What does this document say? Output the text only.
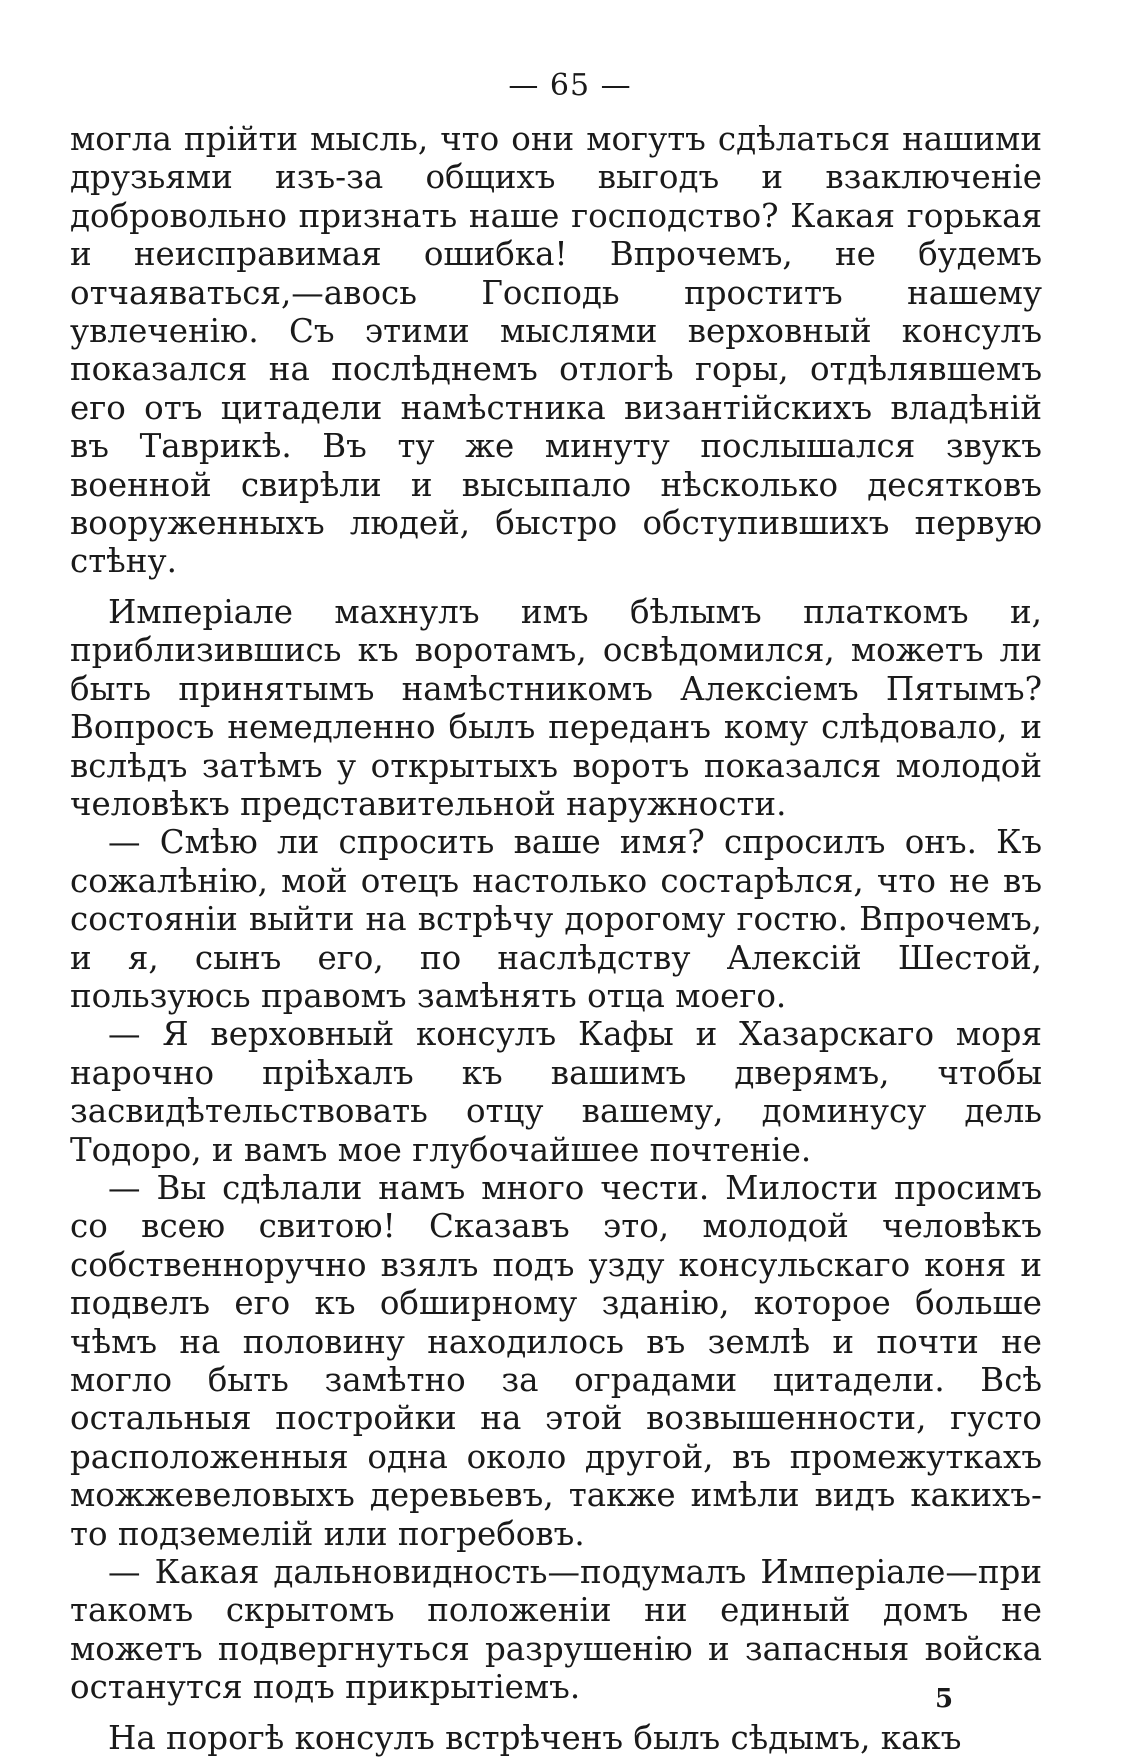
— 65 —

могла прійти мысль, что они могутъ сдѣлаться нашими друзьями изъ-за общихъ выгодъ и взаключеніе добровольно признать наше господство? Какая горькая и неисправимая ошибка! Впрочемъ, не будемъ отчаяваться,—авось Господь проститъ нашему увлеченію. Съ этими мыслями верховный консулъ показался на послѣднемъ отлогѣ горы, отдѣлявшемъ его отъ цитадели намѣстника византійскихъ владѣній въ Таврикѣ. Въ ту же минуту послышался звукъ военной свирѣли и высыпало нѣсколько десятковъ вооруженныхъ людей, быстро обступившихъ первую стѣну.

Имперіале махнулъ имъ бѣлымъ платкомъ и, приблизившись къ воротамъ, освѣдомился, можетъ ли быть принятымъ намѣстникомъ Алексіемъ Пятымъ? Вопросъ немедленно былъ переданъ кому слѣдовало, и вслѣдъ затѣмъ у открытыхъ воротъ показался молодой человѣкъ представительной наружности.

— Смѣю ли спросить ваше имя? спросилъ онъ. Къ сожалѣнію, мой отецъ настолько состарѣлся, что не въ состояніи выйти на встрѣчу дорогому гостю. Впрочемъ, и я, сынъ его, по наслѣдству Алексій Шестой, пользуюсь правомъ замѣнять отца моего.

— Я верховный консулъ Кафы и Хазарскаго моря нарочно пріѣхалъ къ вашимъ дверямъ, чтобы засвидѣтельствовать отцу вашему, доминусу дель Тодоро, и вамъ мое глубочайшее почтеніе.

— Вы сдѣлали намъ много чести. Милости просимъ со всею свитою! Сказавъ это, молодой человѣкъ собственноручно взялъ подъ узду консульскаго коня и подвелъ его къ обширному зданію, которое больше чѣмъ на половину находилось въ землѣ и почти не могло быть замѣтно за оградами цитадели. Всѣ остальныя постройки на этой возвышенности, густо расположенныя одна около другой, въ промежуткахъ можжевеловыхъ деревьевъ, также имѣли видъ какихъ-то подземелій или погребовъ.

— Какая дальновидность—подумалъ Имперіале—при такомъ скрытомъ положеніи ни единый домъ не можетъ подвергнуться разрушенію и запасныя войска останутся подъ прикрытіемъ.

На порогѣ консулъ встрѣченъ былъ сѣдымъ, какъ

5
